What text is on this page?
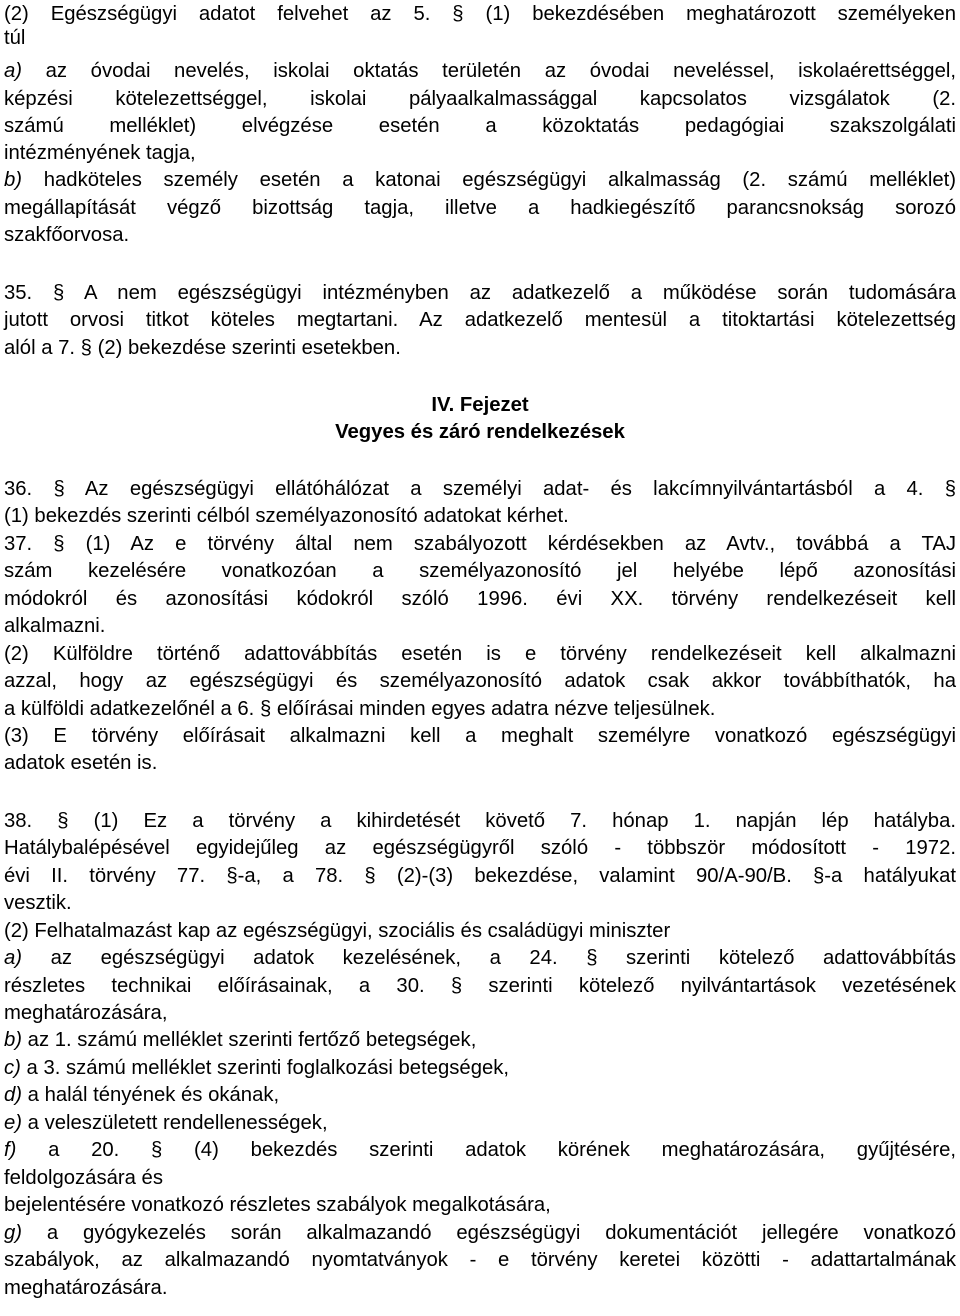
(2) Egészségügyi adatot felvehet az 5. § (1) bekezdésében meghatározott személyeken
túl
a) az óvodai nevelés, iskolai oktatás területén az óvodai neveléssel, iskolaérettséggel,
képzési kötelezettséggel, iskolai pályaalkalmassággal kapcsolatos vizsgálatok (2.
számú melléklet) elvégzése esetén a közoktatás pedagógiai szakszolgálati
intézményének tagja,
b) hadköteles személy esetén a katonai egészségügyi alkalmasság (2. számú melléklet)
megállapítását végző bizottság tagja, illetve a hadkiegészítő parancsnokság sorozó
szakfőorvosa.
35. § A nem egészségügyi intézményben az adatkezelő a működése során tudomására
jutott orvosi titkot köteles megtartani. Az adatkezelő mentesül a titoktartási kötelezettség
alól a 7. § (2) bekezdése szerinti esetekben.
IV. Fejezet
Vegyes és záró rendelkezések
36. § Az egészségügyi ellátóhálózat a személyi adat- és lakcímnyilvántartásból a 4. §
(1) bekezdés szerinti célból személyazonosító adatokat kérhet.
37. § (1) Az e törvény által nem szabályozott kérdésekben az Avtv., továbbá a TAJ
szám kezelésére vonatkozóan a személyazonosító jel helyébe lépő azonosítási
módokról és azonosítási kódokról szóló 1996. évi XX. törvény rendelkezéseit kell
alkalmazni.
(2) Külföldre történő adattovábbítás esetén is e törvény rendelkezéseit kell alkalmazni
azzal, hogy az egészségügyi és személyazonosító adatok csak akkor továbbíthatók, ha
a külföldi adatkezelőnél a 6. § előírásai minden egyes adatra nézve teljesülnek.
(3) E törvény előírásait alkalmazni kell a meghalt személyre vonatkozó egészségügyi
adatok esetén is.
38. § (1) Ez a törvény a kihirdetését követő 7. hónap 1. napján lép hatályba.
Hatálybalépésével egyidejűleg az egészségügyről szóló - többször módosított - 1972.
évi II. törvény 77. §-a, a 78. § (2)-(3) bekezdése, valamint 90/A-90/B. §-a hatályukat
vesztik.
(2) Felhatalmazást kap az egészségügyi, szociális és családügyi miniszter
a) az egészségügyi adatok kezelésének, a 24. § szerinti kötelező adattovábbítás
részletes technikai előírásainak, a 30. § szerinti kötelező nyilvántartások vezetésének
meghatározására,
b) az 1. számú melléklet szerinti fertőző betegségek,
c) a 3. számú melléklet szerinti foglalkozási betegségek,
d) a halál tényének és okának,
e) a veleszületett rendellenességek,
f) a 20. § (4) bekezdés szerinti adatok körének meghatározására, gyűjtésére,
feldolgozására és
bejelentésére vonatkozó részletes szabályok megalkotására,
g) a gyógykezelés során alkalmazandó egészségügyi dokumentációt jellegére vonatkozó
szabályok, az alkalmazandó nyomtatványok - e törvény keretei közötti - adattartalmának
meghatározására.
